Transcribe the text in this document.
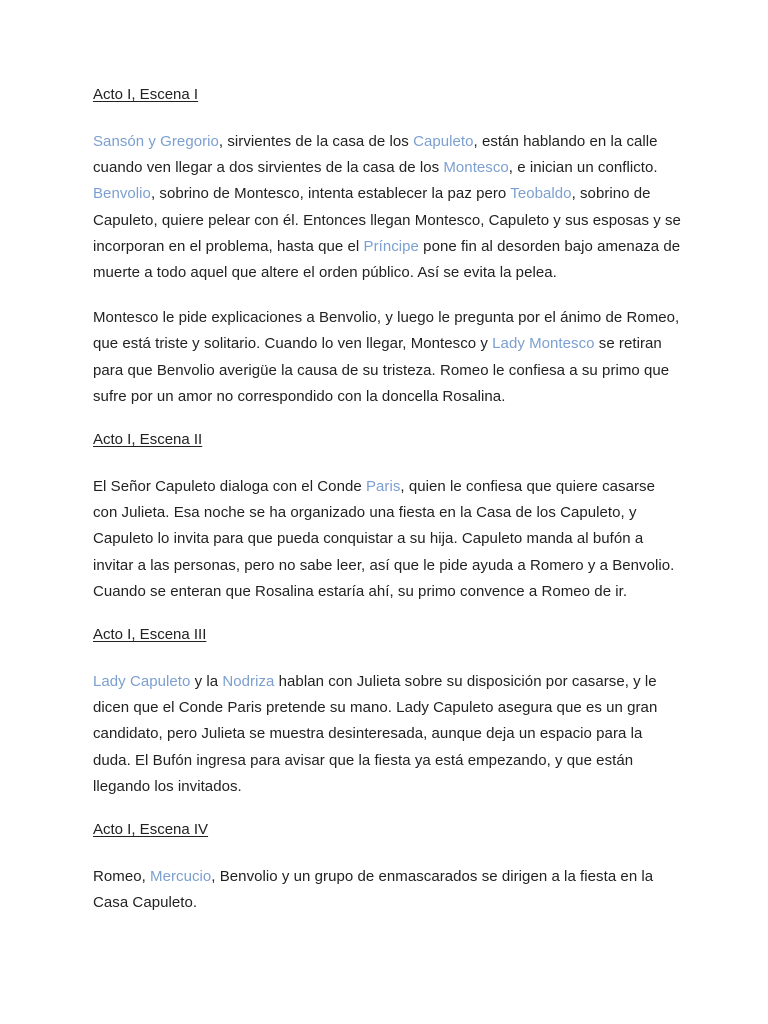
Acto I, Escena I

Sansón y Gregorio, sirvientes de la casa de los Capuleto, están hablando en la calle cuando ven llegar a dos sirvientes de la casa de los Montesco, e inician un conflicto. Benvolio, sobrino de Montesco, intenta establecer la paz pero Teobaldo, sobrino de Capuleto, quiere pelear con él. Entonces llegan Montesco, Capuleto y sus esposas y se incorporan en el problema, hasta que el Príncipe pone fin al desorden bajo amenaza de muerte a todo aquel que altere el orden público. Así se evita la pelea.

Montesco le pide explicaciones a Benvolio, y luego le pregunta por el ánimo de Romeo, que está triste y solitario. Cuando lo ven llegar, Montesco y Lady Montesco se retiran para que Benvolio averigüe la causa de su tristeza. Romeo le confiesa a su primo que sufre por un amor no correspondido con la doncella Rosalina.

Acto I, Escena II

El Señor Capuleto dialoga con el Conde Paris, quien le confiesa que quiere casarse con Julieta. Esa noche se ha organizado una fiesta en la Casa de los Capuleto, y Capuleto lo invita para que pueda conquistar a su hija. Capuleto manda al bufón a invitar a las personas, pero no sabe leer, así que le pide ayuda a Romero y a Benvolio. Cuando se enteran que Rosalina estaría ahí, su primo convence a Romeo de ir.

Acto I, Escena III

Lady Capuleto y la Nodriza hablan con Julieta sobre su disposición por casarse, y le dicen que el Conde Paris pretende su mano. Lady Capuleto asegura que es un gran candidato, pero Julieta se muestra desinteresada, aunque deja un espacio para la duda. El Bufón ingresa para avisar que la fiesta ya está empezando, y que están llegando los invitados.

Acto I, Escena IV

Romeo, Mercucio, Benvolio y un grupo de enmascarados se dirigen a la fiesta en la Casa Capuleto.
